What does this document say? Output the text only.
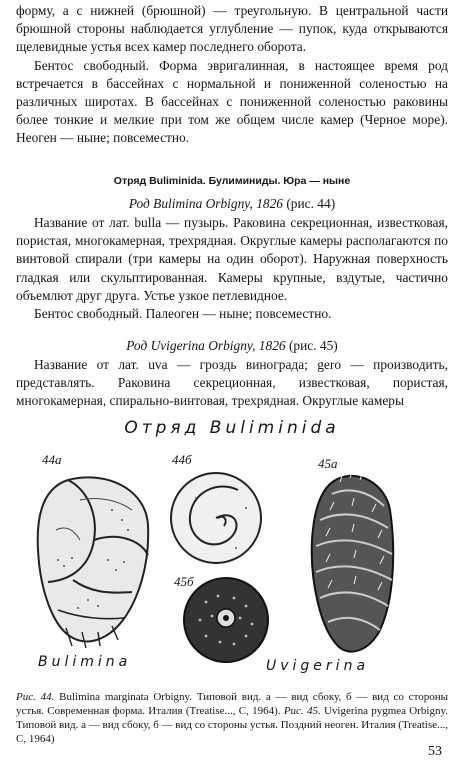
форму, а с нижней (брюшной) — треугольную. В центральной части брюшной стороны наблюдается углубление — пупок, куда открываются щелевидные устья всех камер последнего оборота.

Бентос свободный. Форма эвригалинная, в настоящее время род встречается в бассейнах с нормальной и пониженной соленостью на различных широтах. В бассейнах с пониженной соленостью раковины более тонкие и мелкие при том же общем числе камер (Черное море). Неоген — ныне; повсеместно.

Отряд Buliminida. Булиминиды. Юра — ныне
Род Bulimina Orbigny, 1826 (рис. 44)

Название от лат. bulla — пузырь. Раковина секреционная, известковая, пористая, многокамерная, трехрядная. Округлые камеры располагаются по винтовой спирали (три камеры на один оборот). Наружная поверхность гладкая или скульптированная. Камеры крупные, вздутые, частично объемлют друг друга. Устье узкое петлевидное.

Бентос свободный. Палеоген — ныне; повсеместно.

Род Uvigerina Orbigny, 1826 (рис. 45)

Название от лат. uva — гроздь винограда; gero — производить, представлять. Раковина секреционная, известковая, пористая, многокамерная, спирально-винтовая, трехрядная. Округлые камеры

Отряд Buliminida
44а	44б
45б
45а
Bulimina	Uvigerina
Рис. 44. Bulimina marginata Orbigny. Типовой вид. а — вид сбоку, б — вид со стороны устья. Современная форма. Италия (Treatise..., С, 1964). Рис. 45. Uvigerina pygmea Orbigny. Типовой вид. а — вид сбоку, б — вид со стороны устья. Поздний неоген. Италия (Treatise..., С, 1964)
53
